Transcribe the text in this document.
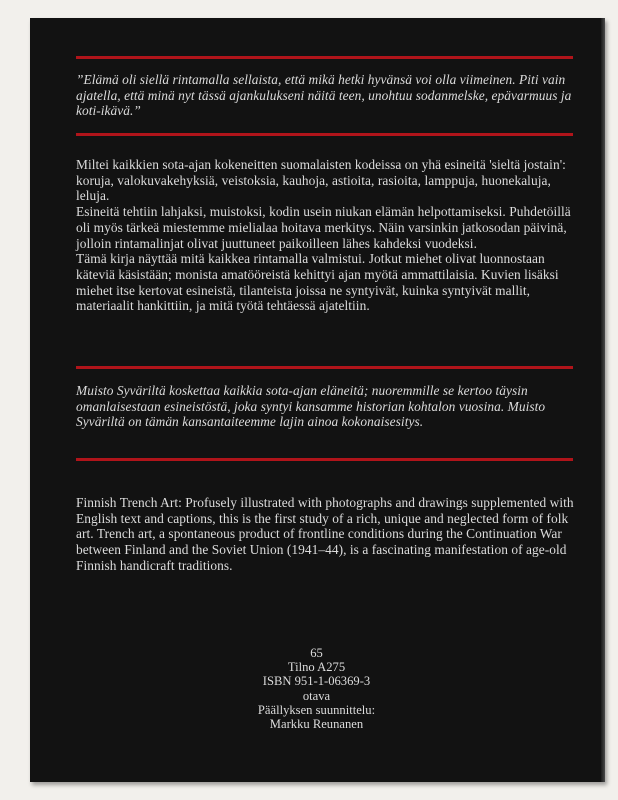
”Elämä oli siellä rintamalla sellaista, että mikä hetki hyvänsä voi olla viimeinen. Piti vain ajatella, että minä nyt tässä ajankulukseni näitä teen, unohtuu sodanmelske, epävarmuus ja koti-ikävä.”

Miltei kaikkien sota-ajan kokeneitten suomalaisten kodeissa on yhä esineitä 'sieltä jostain': koruja, valokuvakehyksiä, veistoksia, kauhoja, astioita, rasioita, lamppuja, huonekaluja, leluja.

Esineitä tehtiin lahjaksi, muistoksi, kodin usein niukan elämän helpottamiseksi. Puhdetöillä oli myös tärkeä miestemme mielialaa hoitava merkitys. Näin varsinkin jatkosodan päivinä, jolloin rintamalinjat olivat juuttuneet paikoilleen lähes kahdeksi vuodeksi.

Tämä kirja näyttää mitä kaikkea rintamalla valmistui. Jotkut miehet olivat luonnostaan käteviä käsistään; monista amatööreistä kehittyi ajan myötä ammattilaisia. Kuvien lisäksi miehet itse kertovat esineistä, tilanteista joissa ne syntyivät, kuinka syntyivät mallit, materiaalit hankittiin, ja mitä työtä tehtäessä ajateltiin.

Muisto Syväriltä koskettaa kaikkia sota-ajan eläneitä; nuoremmille se kertoo täysin omanlaisestaan esineistöstä, joka syntyi kansamme historian kohtalon vuosina. Muisto Syväriltä on tämän kansantaiteemme lajin ainoa kokonaisesitys.

Finnish Trench Art: Profusely illustrated with photographs and drawings supplemented with English text and captions, this is the first study of a rich, unique and neglected form of folk art. Trench art, a spontaneous product of frontline conditions during the Continuation War between Finland and the Soviet Union (1941–44), is a fascinating manifestation of age-old Finnish handicraft traditions.

65
Tilno A275
ISBN 951-1-06369-3
otava
Päällyksen suunnittelu:
Markku Reunanen
